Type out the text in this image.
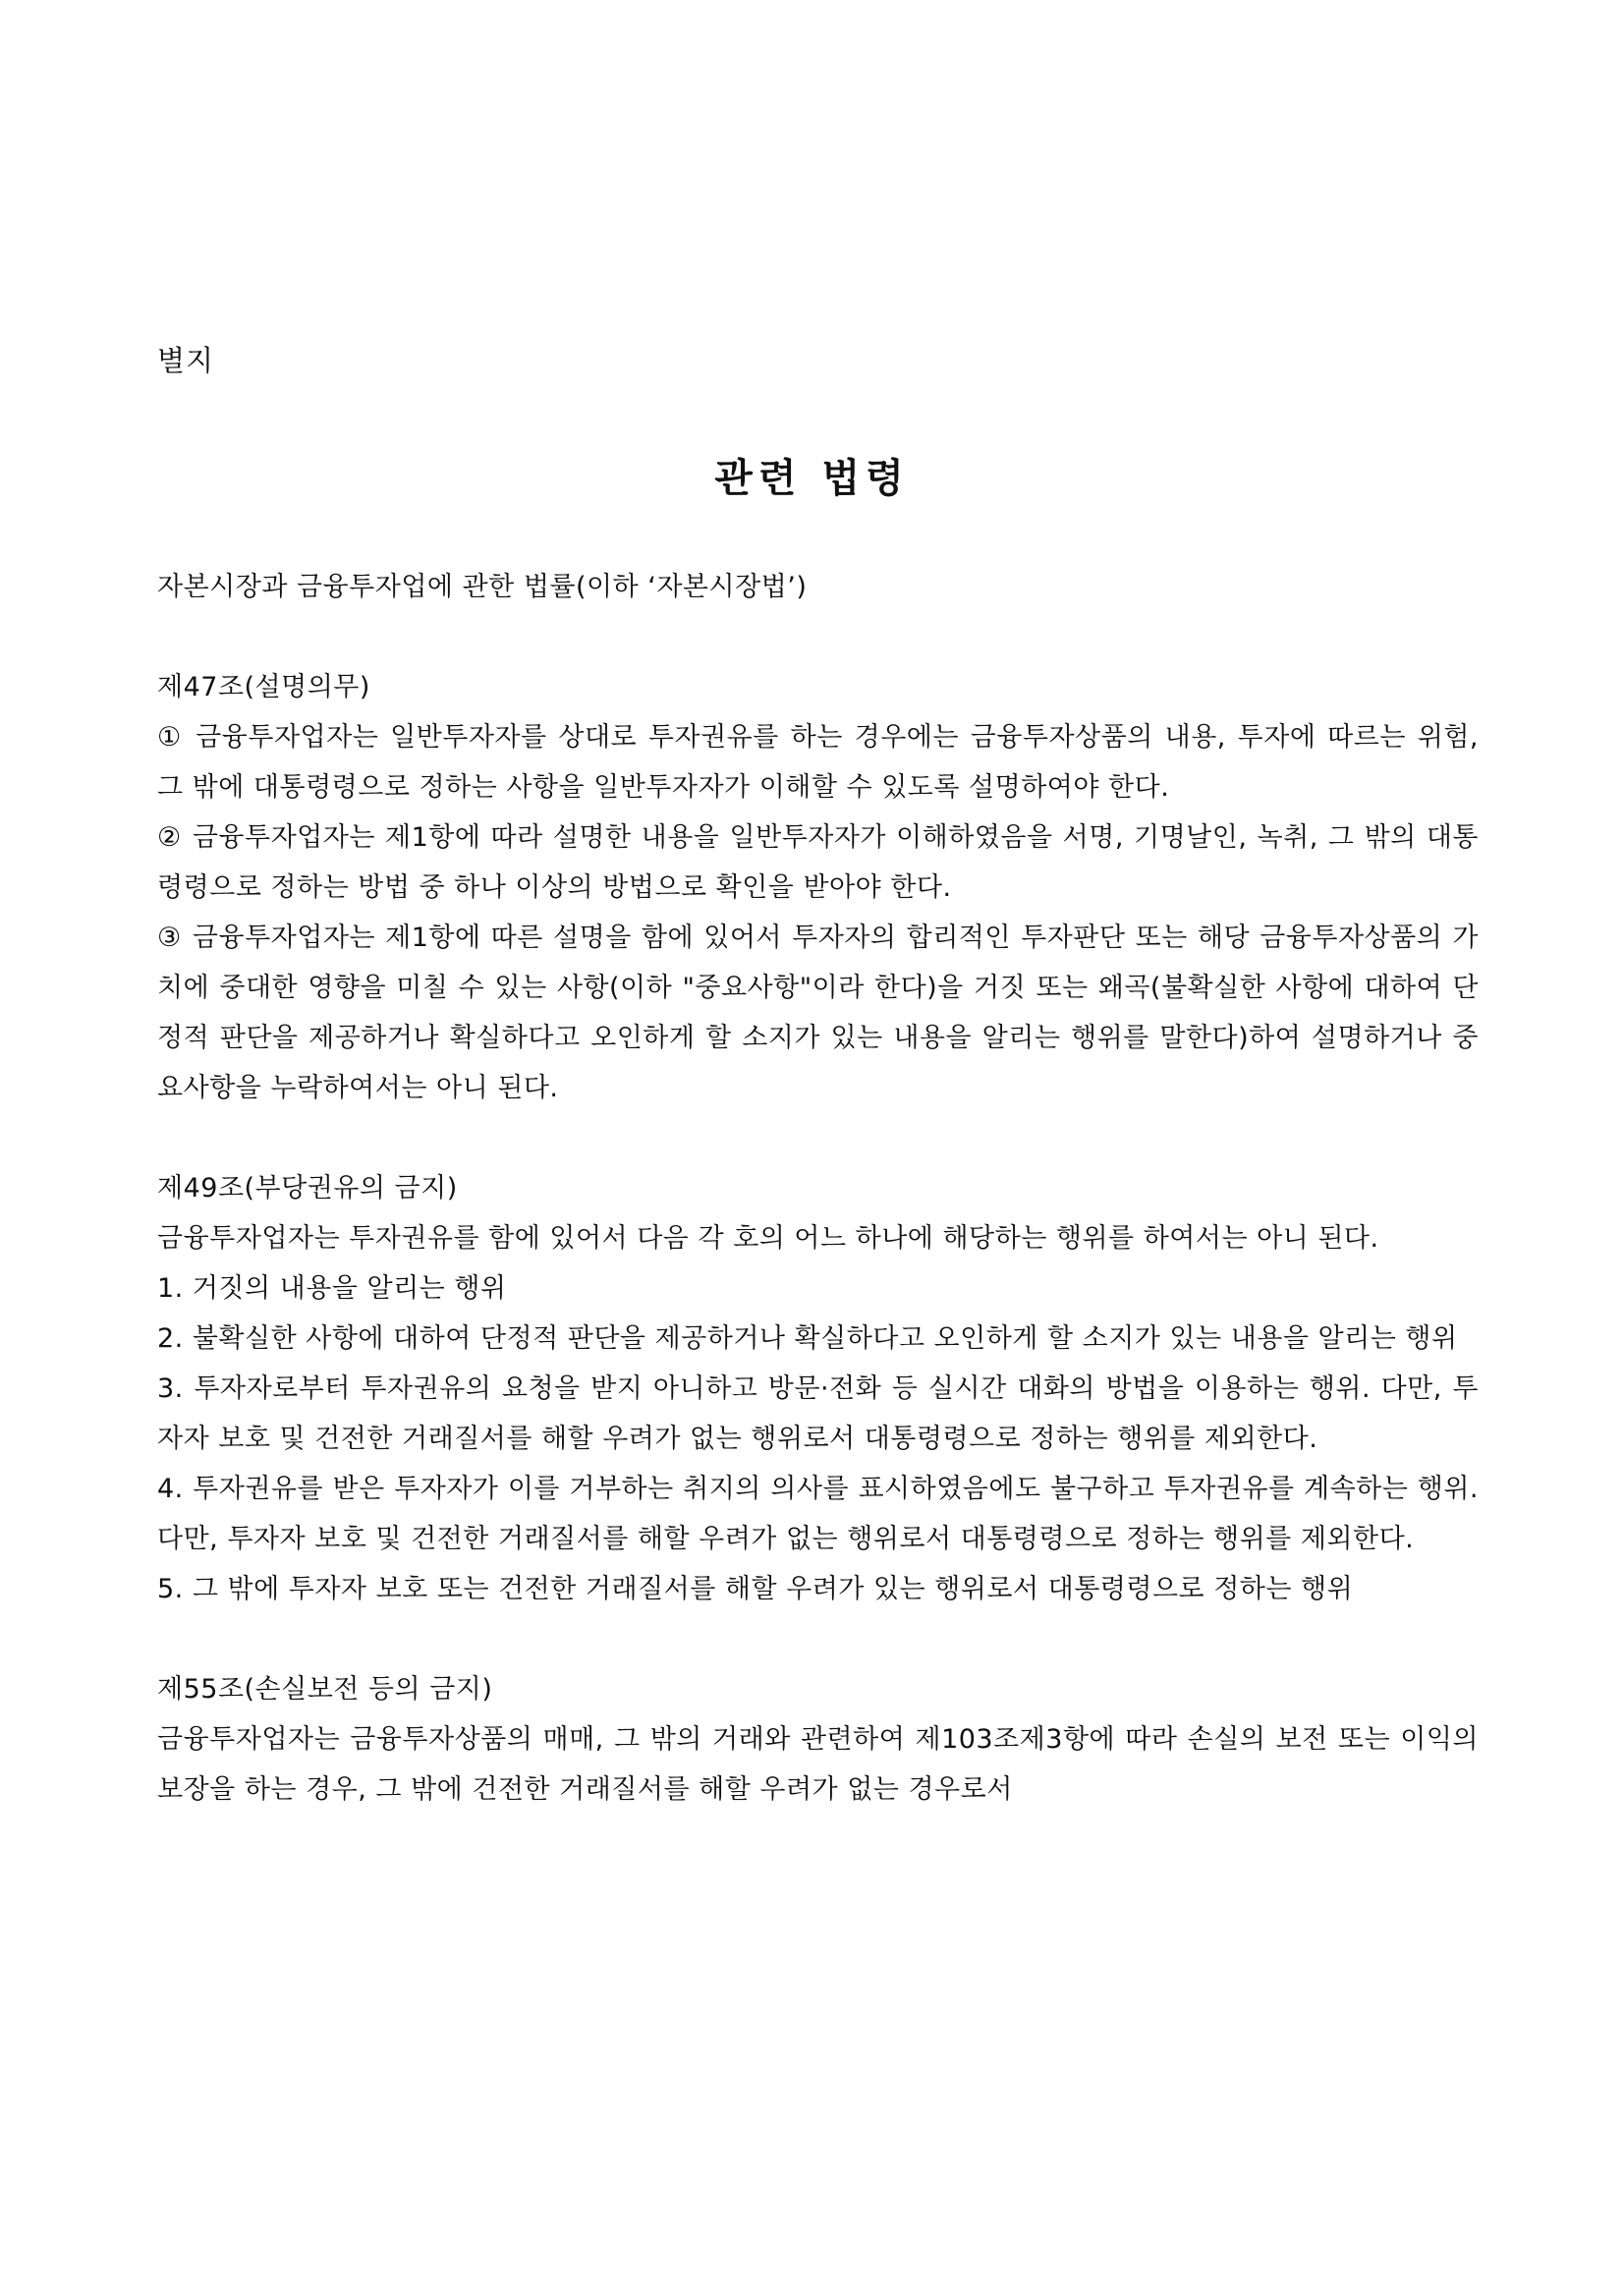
별지
관련 법령

자본시장과 금융투자업에 관한 법률(이하 ‘자본시장법’)

제47조(설명의무)

① 금융투자업자는 일반투자자를 상대로 투자권유를 하는 경우에는 금융투자상품의 내용, 투자에 따르는 위험, 그 밖에 대통령령으로 정하는 사항을 일반투자자가 이해할 수 있도록 설명하여야 한다.

② 금융투자업자는 제1항에 따라 설명한 내용을 일반투자자가 이해하였음을 서명, 기명날인, 녹취, 그 밖의 대통령령으로 정하는 방법 중 하나 이상의 방법으로 확인을 받아야 한다.

③ 금융투자업자는 제1항에 따른 설명을 함에 있어서 투자자의 합리적인 투자판단 또는 해당 금융투자상품의 가치에 중대한 영향을 미칠 수 있는 사항(이하 "중요사항"이라 한다)을 거짓 또는 왜곡(불확실한 사항에 대하여 단정적 판단을 제공하거나 확실하다고 오인하게 할 소지가 있는 내용을 알리는 행위를 말한다)하여 설명하거나 중요사항을 누락하여서는 아니 된다.

제49조(부당권유의 금지)

금융투자업자는 투자권유를 함에 있어서 다음 각 호의 어느 하나에 해당하는 행위를 하여서는 아니 된다.

1. 거짓의 내용을 알리는 행위

2. 불확실한 사항에 대하여 단정적 판단을 제공하거나 확실하다고 오인하게 할 소지가 있는 내용을 알리는 행위

3. 투자자로부터 투자권유의 요청을 받지 아니하고 방문·전화 등 실시간 대화의 방법을 이용하는 행위. 다만, 투자자 보호 및 건전한 거래질서를 해할 우려가 없는 행위로서 대통령령으로 정하는 행위를 제외한다.

4. 투자권유를 받은 투자자가 이를 거부하는 취지의 의사를 표시하였음에도 불구하고 투자권유를 계속하는 행위. 다만, 투자자 보호 및 건전한 거래질서를 해할 우려가 없는 행위로서 대통령령으로 정하는 행위를 제외한다.

5. 그 밖에 투자자 보호 또는 건전한 거래질서를 해할 우려가 있는 행위로서 대통령령으로 정하는 행위

제55조(손실보전 등의 금지)

금융투자업자는 금융투자상품의 매매, 그 밖의 거래와 관련하여 제103조제3항에 따라 손실의 보전 또는 이익의 보장을 하는 경우, 그 밖에 건전한 거래질서를 해할 우려가 없는 경우로서
